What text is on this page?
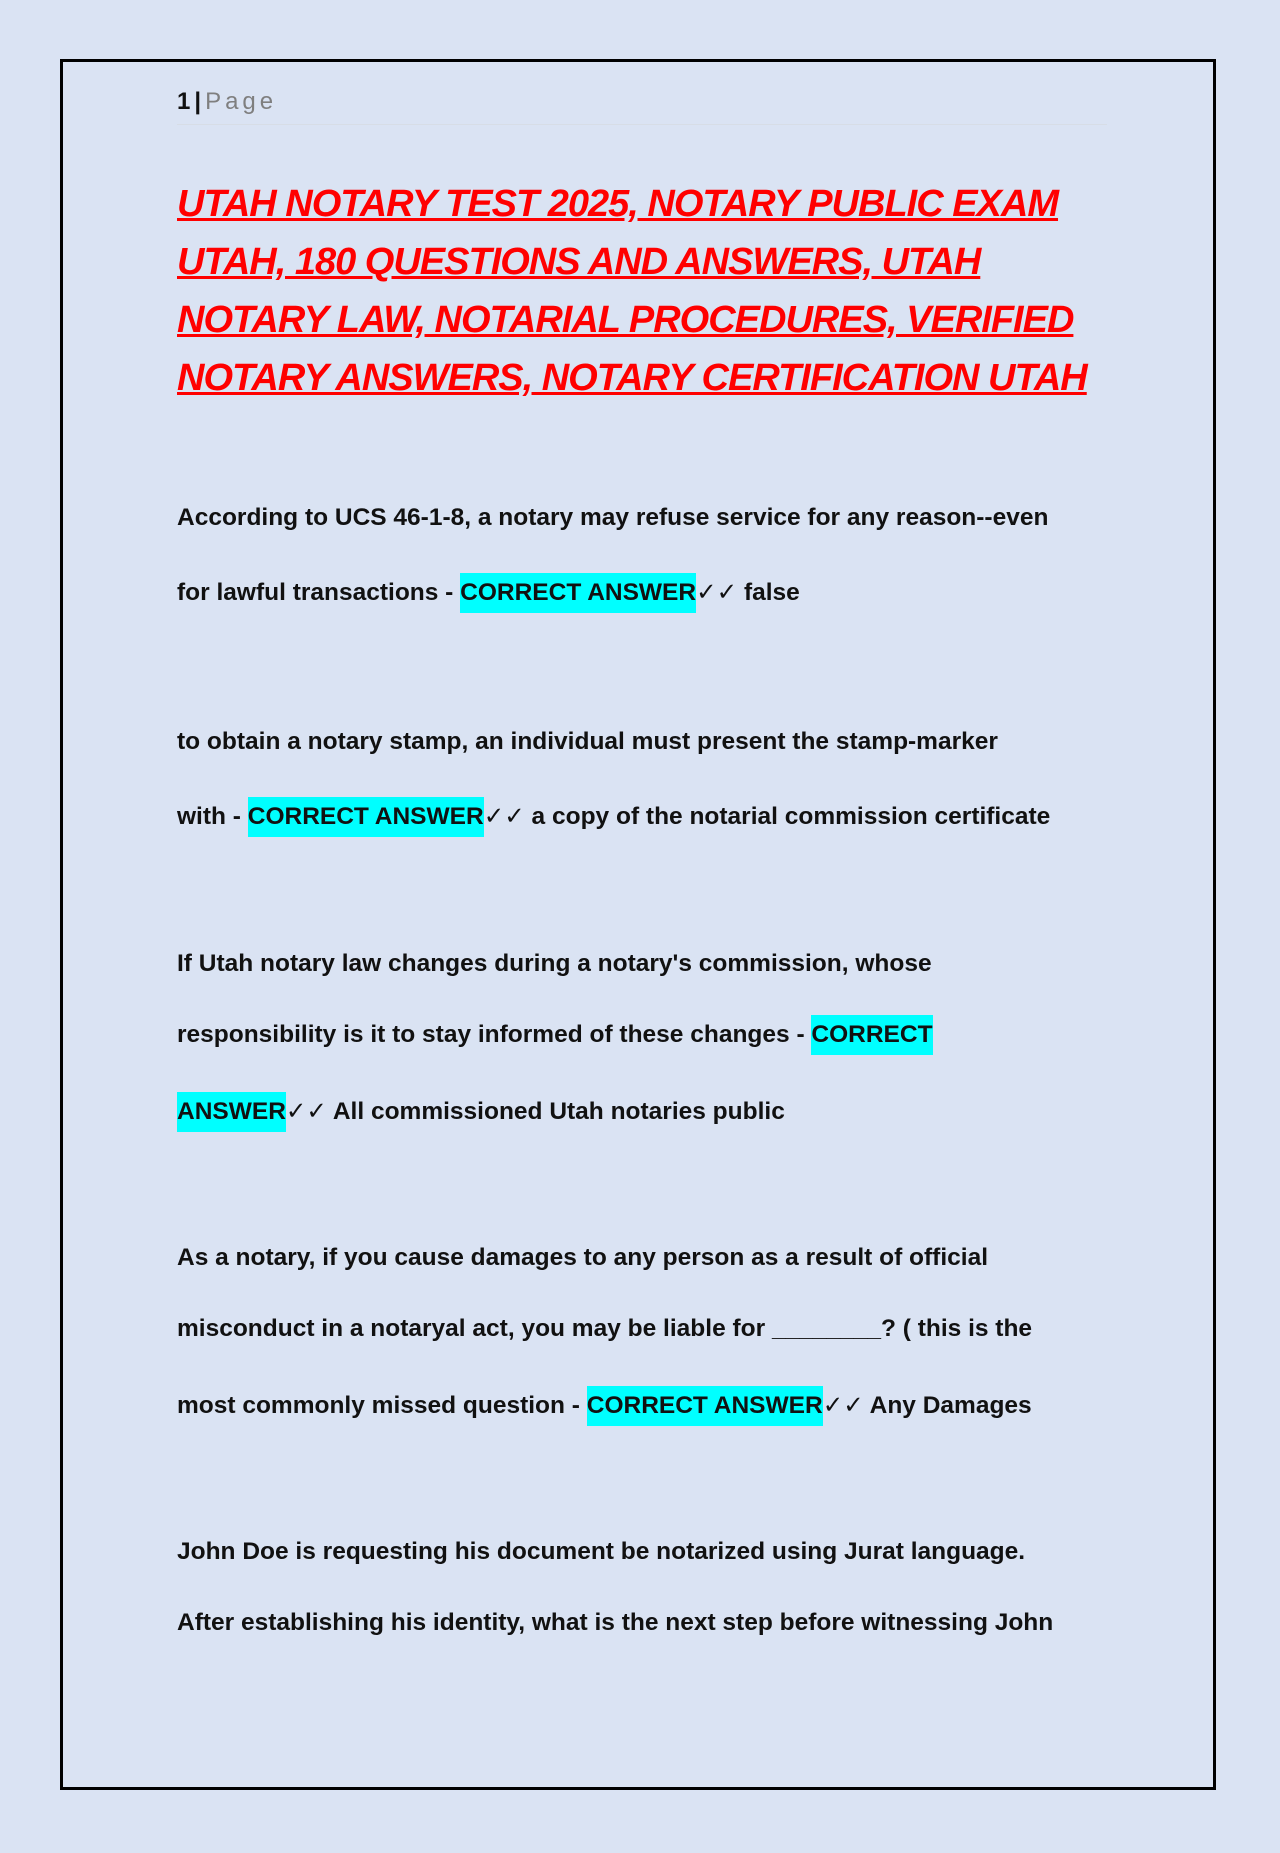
1 | Page
UTAH NOTARY TEST 2025, NOTARY PUBLIC EXAM
UTAH, 180 QUESTIONS AND ANSWERS, UTAH
NOTARY LAW, NOTARIAL PROCEDURES, VERIFIED
NOTARY ANSWERS, NOTARY CERTIFICATION UTAH
According to UCS 46-1-8, a notary may refuse service for any reason--even
for lawful transactions - CORRECT ANSWER✓✓ false
to obtain a notary stamp, an individual must present the stamp-marker
with - CORRECT ANSWER✓✓ a copy of the notarial commission certificate
If Utah notary law changes during a notary's commission, whose
responsibility is it to stay informed of these changes - CORRECT
ANSWER✓✓ All commissioned Utah notaries public
As a notary, if you cause damages to any person as a result of official
misconduct in a notaryal act, you may be liable for ________? ( this is the
most commonly missed question - CORRECT ANSWER✓✓ Any Damages
John Doe is requesting his document be notarized using Jurat language.
After establishing his identity, what is the next step before witnessing John
